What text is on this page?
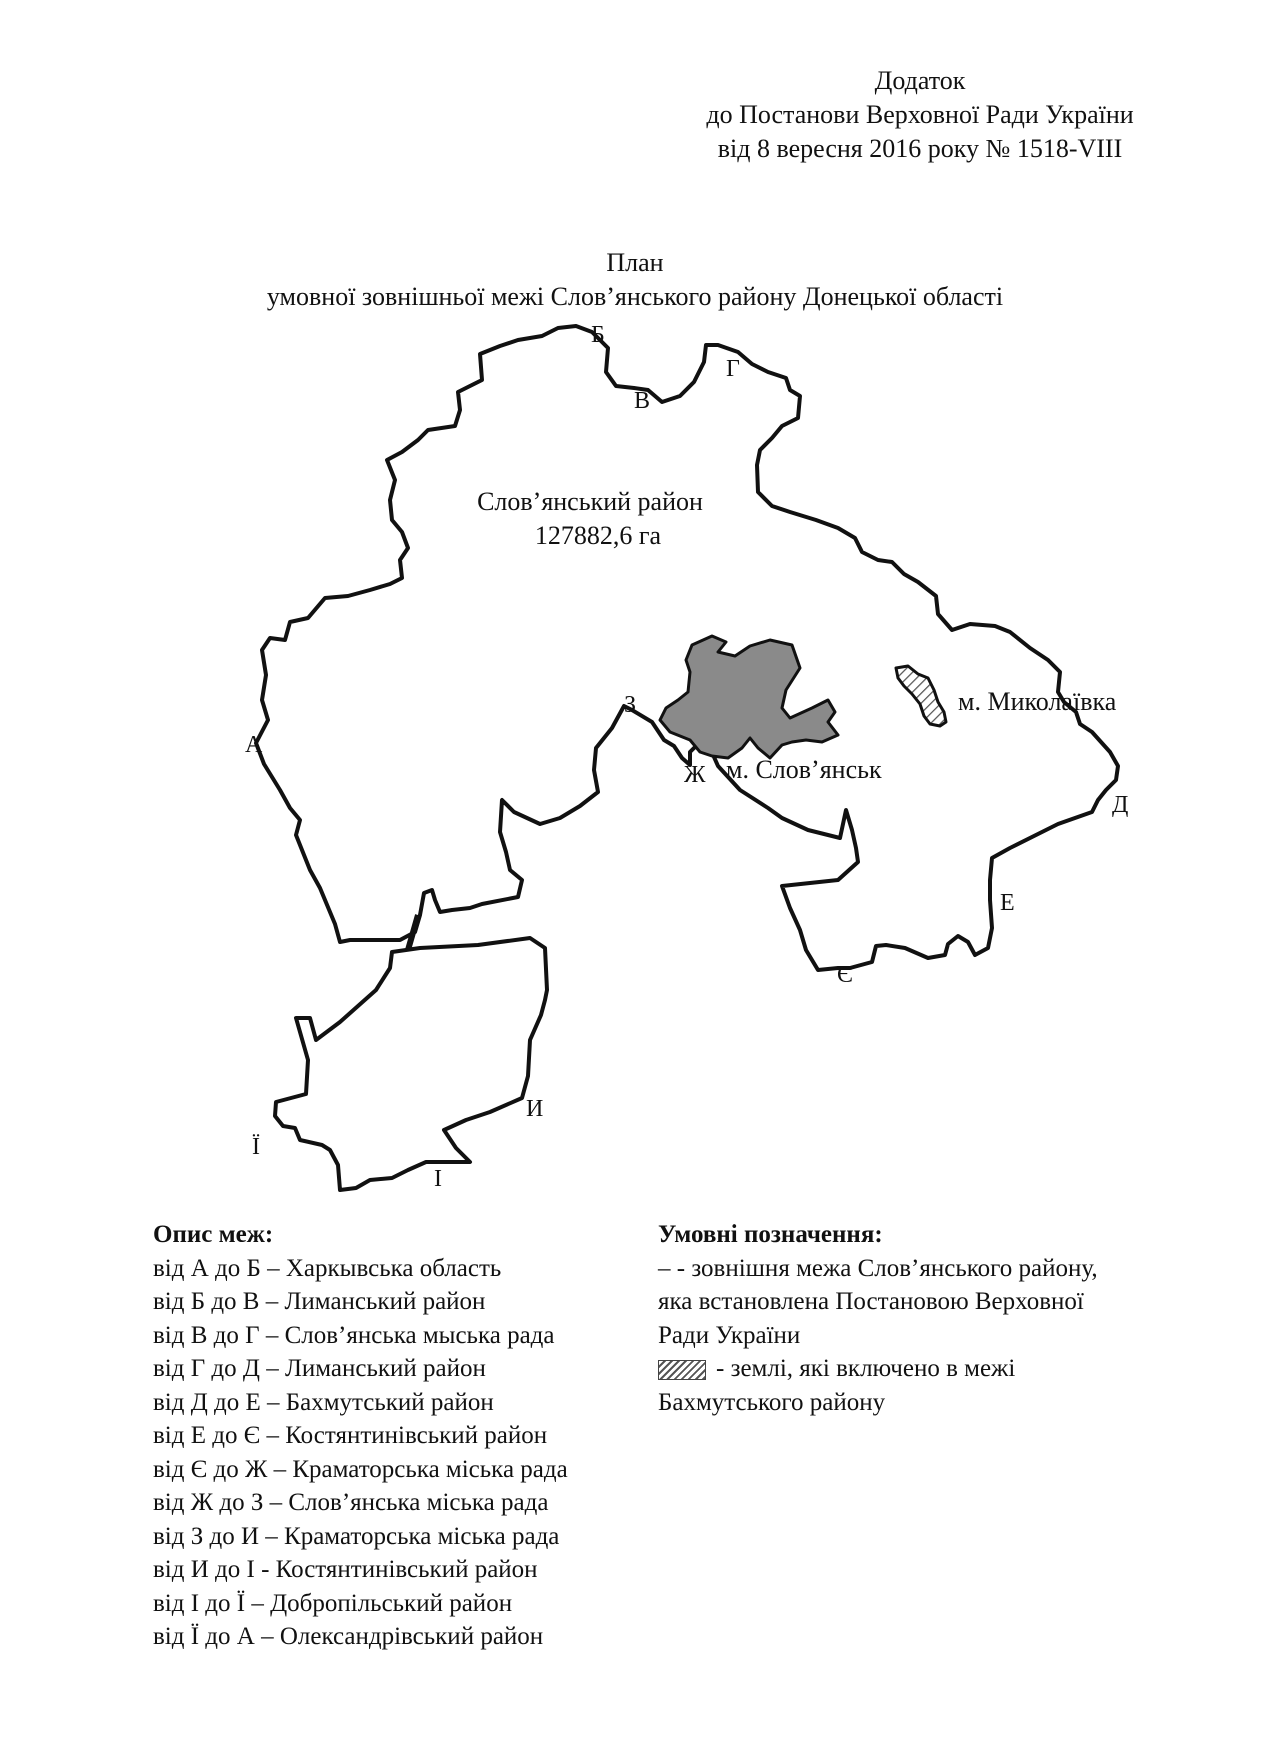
Додаток
до Постанови Верховної Ради України
від 8 вересня 2016 року № 1518-VIII
План
умовної зовнішньої межі Слов’янського району Донецької області
Слов’янський район
127882,6 га
м. Слов’янськ
м. Миколаївка
А
Б
В
Г
Д
Е
Є
Ж
З
И
І
Ї
Опис меж:
від А до Б – Харкывська область
від Б до В – Лиманський район
від В до Г – Слов’янська мыська рада
від Г до Д – Лиманський район
від Д до Е – Бахмутський район
від Е до Є – Костянтинівський район
від Є до Ж – Краматорська міська рада
від Ж до З – Слов’янська міська рада
від З до И – Краматорська міська рада
від И до І - Костянтинівський район
від І до Ї – Добропільський район
від Ї до А – Олександрівський район
Умовні позначення:
– - зовнішня межа Слов’янського району,
яка встановлена Постановою Верховної
Ради України
- землі, які включено в межі
Бахмутського району
